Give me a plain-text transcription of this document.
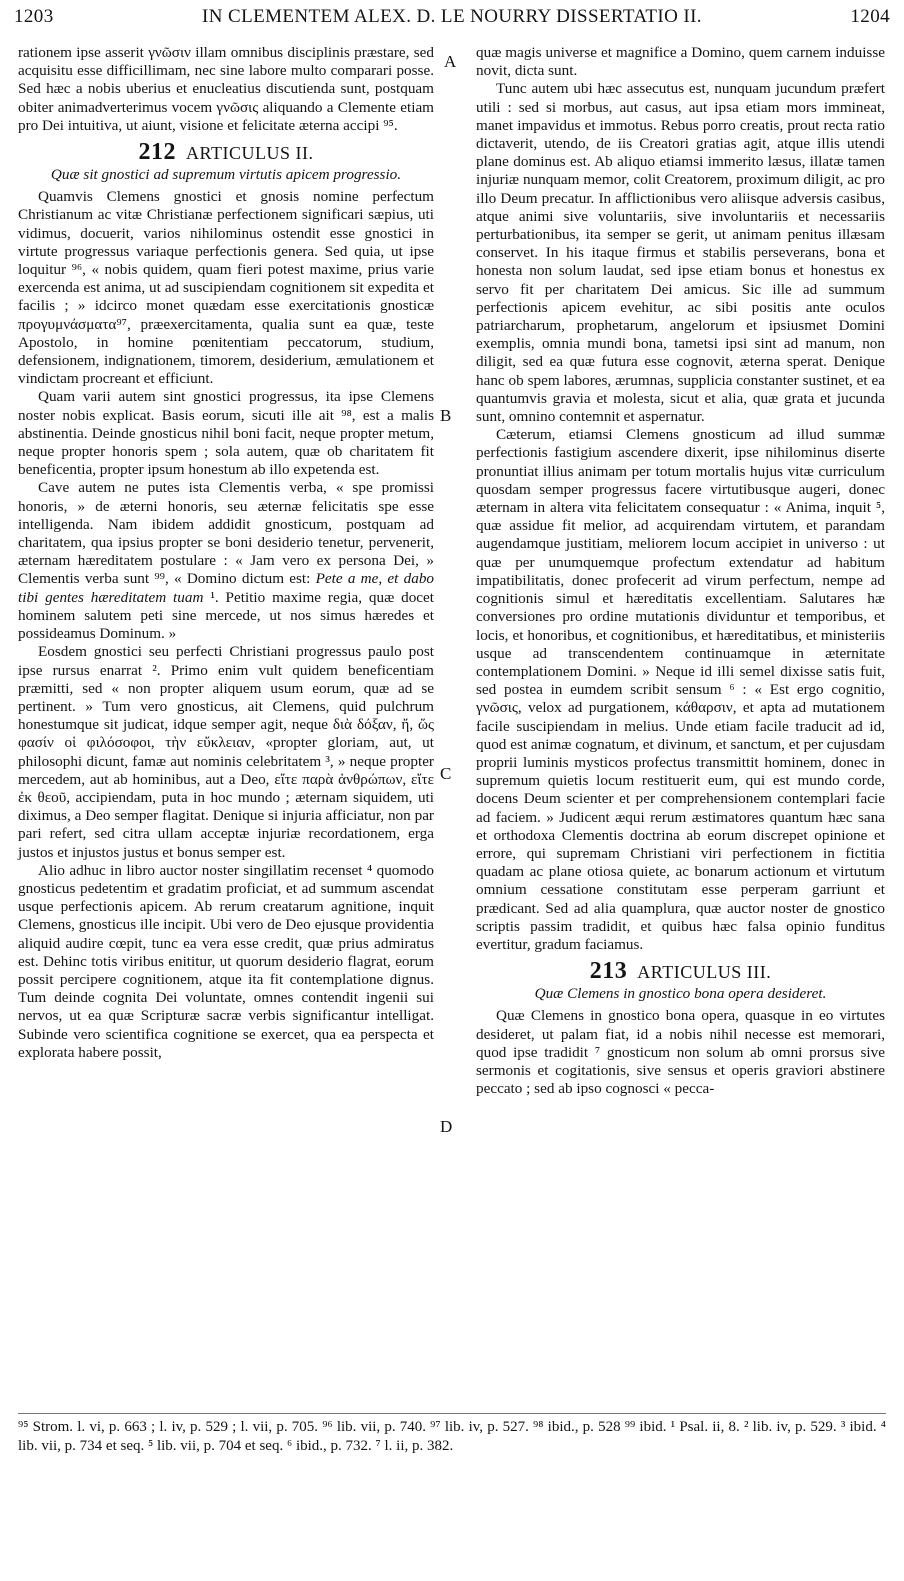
1203	IN CLEMENTEM ALEX. D. LE NOURRY DISSERTATIO II.	1204

rationem ipse asserit γνῶσιν illam omnibus disciplinis præstare, sed acquisitu esse difficillimam, nec sine labore multo comparari posse. Sed hæc a nobis uberius et enucleatius discutienda sunt, postquam obiter animadverterimus vocem γνῶσις aliquando a Clemente etiam pro Dei intuitiva, ut aiunt, visione et felicitate æterna accipi ⁹⁵.

212 ARTICULUS II.
Quæ sit gnostici ad supremum virtutis apicem progressio.

Quamvis Clemens gnostici et gnosis nomine perfectum Christianum ac vitæ Christianæ perfectionem significari sæpius, uti vidimus, docuerit, varios nihilominus ostendit esse gnostici in virtute progressus variaque perfectionis genera. Sed quia, ut ipse loquitur ⁹⁶, « nobis quidem, quam fieri potest maxime, prius varie exercenda est anima, ut ad suscipiendam cognitionem sit expedita et facilis ; » idcirco monet quædam esse exercitationis gnosticæ προγυμνάσματα⁹⁷, præexercitamenta, qualia sunt ea quæ, teste Apostolo, in homine pœnitentiam peccatorum, studium, defensionem, indignationem, timorem, desiderium, æmulationem et vindictam procreant et efficiunt.

Quam varii autem sint gnostici progressus, ita ipse Clemens noster nobis explicat. Basis eorum, sicuti ille ait ⁹⁸, est a malis abstinentia. Deinde gnosticus nihil boni facit, neque propter metum, neque propter honoris spem ; sola autem, quæ ob charitatem fit beneficentia, propter ipsum honestum ab illo expetenda est.

Cave autem ne putes ista Clementis verba, « spe promissi honoris, » de æterni honoris, seu æternæ felicitatis spe esse intelligenda. Nam ibidem addidit gnosticum, postquam ad charitatem, qua ipsius propter se boni desiderio tenetur, pervenerit, æternam hæreditatem postulare : « Jam vero ex persona Dei, » Clementis verba sunt ⁹⁹, « Domino dictum est: Pete a me, et dabo tibi gentes hæreditatem tuam ¹. Petitio maxime regia, quæ docet hominem salutem peti sine mercede, ut nos simus hæredes et possideamus Dominum. »

Eosdem gnostici seu perfecti Christiani progressus paulo post ipse rursus enarrat ². Primo enim vult quidem beneficentiam præmitti, sed « non propter aliquem usum eorum, quæ ad se pertinent. » Tum vero gnosticus, ait Clemens, quid pulchrum honestumque sit judicat, idque semper agit, neque διὰ δόξαν, ἤ, ὥς φασίν οἱ φιλόσοφοι, τὴν εὔκλειαν, «propter gloriam, aut, ut philosophi dicunt, famæ aut nominis celebritatem ³, » neque propter mercedem, aut ab hominibus, aut a Deo, εἴτε παρὰ ἀνθρώπων, εἴτε ἐκ θεοῦ, accipiendam, puta in hoc mundo ; æternam siquidem, uti diximus, a Deo semper flagitat. Denique si injuria afficiatur, non par pari refert, sed citra ullam acceptæ injuriæ recordationem, erga justos et injustos justus et bonus semper est.

Alio adhuc in libro auctor noster singillatim recenset ⁴ quomodo gnosticus pedetentim et gradatim proficiat, et ad summum ascendat usque perfectionis apicem. Ab rerum creatarum agnitione, inquit Clemens, gnosticus ille incipit. Ubi vero de Deo ejusque providentia aliquid audire cœpit, tunc ea vera esse credit, quæ prius admiratus est. Dehinc totis viribus enititur, ut quorum desiderio flagrat, eorum possit percipere cognitionem, atque ita fit contemplatione dignus. Tum deinde cognita Dei voluntate, omnes contendit ingenii sui nervos, ut ea quæ Scripturæ sacræ verbis significantur intelligat. Subinde vero scientifica cognitione se exercet, qua ea perspecta et explorata habere possit,

quæ magis universe et magnifice a Domino, quem carnem induisse novit, dicta sunt.

Tunc autem ubi hæc assecutus est, nunquam jucundum præfert utili : sed si morbus, aut casus, aut ipsa etiam mors immineat, manet impavidus et immotus. Rebus porro creatis, prout recta ratio dictaverit, utendo, de iis Creatori gratias agit, atque illis utendi plane dominus est. Ab aliquo etiamsi immerito læsus, illatæ tamen injuriæ nunquam memor, colit Creatorem, proximum diligit, ac pro illo Deum precatur. In afflictionibus vero aliisque adversis casibus, atque animi sive voluntariis, sive involuntariis et necessariis perturbationibus, ita semper se gerit, ut animam penitus illæsam conservet. In his itaque firmus et stabilis perseverans, bona et honesta non solum laudat, sed ipse etiam bonus et honestus ex servo fit per charitatem Dei amicus. Sic ille ad summum perfectionis apicem evehitur, ac sibi positis ante oculos patriarcharum, prophetarum, angelorum et ipsiusmet Domini exemplis, omnia mundi bona, tametsi ipsi sint ad manum, non diligit, sed ea quæ futura esse cognovit, æterna sperat. Denique hanc ob spem labores, ærumnas, supplicia constanter sustinet, et ea quantumvis gravia et molesta, sicut et alia, quæ grata et jucunda sunt, omnino contemnit et aspernatur.

Cæterum, etiamsi Clemens gnosticum ad illud summæ perfectionis fastigium ascendere dixerit, ipse nihilominus diserte pronuntiat illius animam per totum mortalis hujus vitæ curriculum quosdam semper progressus facere virtutibusque augeri, donec æternam in altera vita felicitatem consequatur : « Anima, inquit ⁵, quæ assidue fit melior, ad acquirendam virtutem, et parandam augendamque justitiam, meliorem locum accipiet in universo : ut quæ per unumquemque profectum extendatur ad habitum impatibilitatis, donec profecerit ad virum perfectum, nempe ad cognitionis simul et hæreditatis excellentiam. Salutares hæ conversiones pro ordine mutationis dividuntur et temporibus, et locis, et honoribus, et cognitionibus, et hæreditatibus, et ministeriis usque ad transcendentem continuamque in æternitate contemplationem Domini. » Neque id illi semel dixisse satis fuit, sed postea in eumdem scribit sensum ⁶ : « Est ergo cognitio, γνῶσις, velox ad purgationem, κάθαρσιν, et apta ad mutationem facile suscipiendam in melius. Unde etiam facile traducit ad id, quod est animæ cognatum, et divinum, et sanctum, et per cujusdam proprii luminis mysticos profectus transmittit hominem, donec in supremum quietis locum restituerit eum, qui est mundo corde, docens Deum scienter et per comprehensionem contemplari facie ad faciem. » Judicent æqui rerum æstimatores quantum hæc sana et orthodoxa Clementis doctrina ab eorum discrepet opinione et errore, qui supremam Christiani viri perfectionem in fictitia quadam ac plane otiosa quiete, ac bonarum actionum et virtutum omnium cessatione constitutam esse perperam garriunt et prædicant. Sed ad alia quamplura, quæ auctor noster de gnostico scriptis passim tradidit, et quibus hæc falsa opinio funditus evertitur, gradum faciamus.

213 ARTICULUS III.
Quæ Clemens in gnostico bona opera desideret.

Quæ Clemens in gnostico bona opera, quasque in eo virtutes desideret, ut palam fiat, id a nobis nihil necesse est memorari, quod ipse tradidit ⁷ gnosticum non solum ab omni prorsus sive sermonis et cogitationis, sive sensus et operis graviori abstinere peccato ; sed ab ipso cognosci « pecca-

A
B
C
D

⁹⁵ Strom. l. vi, p. 663 ; l. iv, p. 529 ; l. vii, p. 705. ⁹⁶ lib. vii, p. 740. ⁹⁷ lib. iv, p. 527. ⁹⁸ ibid., p. 528 ⁹⁹ ibid. ¹ Psal. ii, 8. ² lib. iv, p. 529. ³ ibid. ⁴ lib. vii, p. 734 et seq. ⁵ lib. vii, p. 704 et seq. ⁶ ibid., p. 732. ⁷ l. ii, p. 382.
